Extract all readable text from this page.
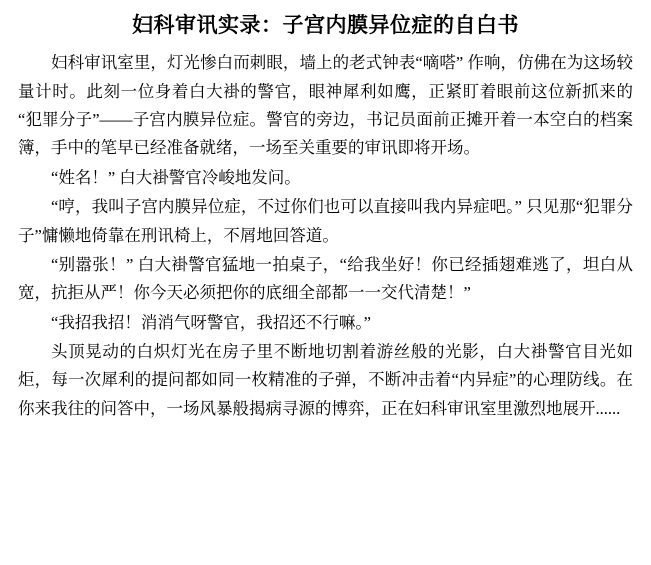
妇科审讯实录：子宫内膜异位症的自白书

妇科审讯室里，灯光惨白而刺眼，墙上的老式钟表“嘀嗒” 作响，仿佛在为这场较量计时。此刻一位身着白大褂的警官，眼神犀利如鹰，正紧盯着眼前这位新抓来的 “犯罪分子”——子宫内膜异位症。警官的旁边，书记员面前正摊开着一本空白的档案簿，手中的笔早已经准备就绪，一场至关重要的审讯即将开场。

“姓名！” 白大褂警官冷峻地发问。

“哼，我叫子宫内膜异位症，不过你们也可以直接叫我内异症吧。” 只见那“犯罪分子”慵懒地倚靠在刑讯椅上，不屑地回答道。

“别嚣张！” 白大褂警官猛地一拍桌子，“给我坐好！你已经插翅难逃了，坦白从宽，抗拒从严！你今天必须把你的底细全部都一一交代清楚！”

“我招我招！消消气呀警官，我招还不行嘛。”

头顶晃动的白炽灯光在房子里不断地切割着游丝般的光影，白大褂警官目光如炬，每一次犀利的提问都如同一枚精准的子弹，不断冲击着“内异症”的心理防线。在你来我往的问答中，一场风暴般揭病寻源的博弈，正在妇科审讯室里激烈地展开......
